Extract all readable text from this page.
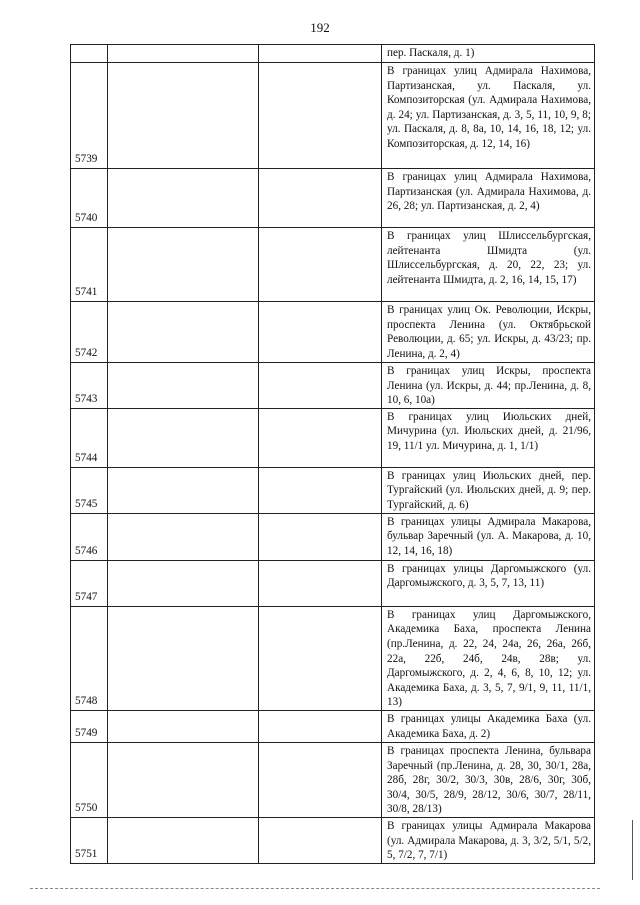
192

			пер. Паскаля, д. 1)

5739			В границах улиц Адмирала Нахимова, Партизанская, ул. Паскаля, ул. Композиторская (ул. Адмирала Нахимова, д. 24; ул. Партизанская, д. 3, 5, 11, 10, 9, 8; ул. Паскаля, д. 8, 8а, 10, 14, 16, 18, 12; ул. Композиторская, д. 12, 14, 16)

5740			В границах улиц Адмирала Нахимова, Партизанская (ул. Адмирала Нахимова, д. 26, 28; ул. Партизанская, д. 2, 4)

5741			В границах улиц Шлиссельбургская, лейтенанта Шмидта (ул. Шлиссельбургская, д. 20, 22, 23; ул. лейтенанта Шмидта, д. 2, 16, 14, 15, 17)

5742			В границах улиц Ок. Революции, Искры, проспекта Ленина (ул. Октябрьской Революции, д. 65; ул. Искры, д. 43/23; пр. Ленина, д. 2, 4)

5743			В границах улиц Искры, проспекта Ленина (ул. Искры, д. 44; пр.Ленина, д. 8, 10, 6, 10а)

5744			В границах улиц Июльских дней, Мичурина (ул. Июльских дней, д. 21/96, 19, 11/1 ул. Мичурина, д. 1, 1/1)

5745			В границах улиц Июльских дней, пер. Тургайский (ул. Июльских дней, д. 9; пер. Тургайский, д. 6)

5746			В границах улицы Адмирала Макарова, бульвар Заречный (ул. А. Макарова, д. 10, 12, 14, 16, 18)

5747			В границах улицы Даргомыжского (ул. Даргомыжского, д. 3, 5, 7, 13, 11)

5748			В границах улиц Даргомыжского, Академика Баха, проспекта Ленина (пр.Ленина, д. 22, 24, 24а, 26, 26а, 26б, 22а, 22б, 24б, 24в, 28в; ул. Даргомыжского, д. 2, 4, 6, 8, 10, 12; ул. Академика Баха, д. 3, 5, 7, 9/1, 9, 11, 11/1, 13)

5749			В границах улицы Академика Баха (ул. Академика Баха, д. 2)

5750			В границах проспекта Ленина, бульвара Заречный (пр.Ленина, д. 28, 30, 30/1, 28а, 28б, 28г, 30/2, 30/3, 30в, 28/6, 30г, 30б, 30/4, 30/5, 28/9, 28/12, 30/6, 30/7, 28/11, 30/8, 28/13)

5751			В границах улицы Адмирала Макарова (ул. Адмирала Макарова, д. 3, 3/2, 5/1, 5/2, 5, 7/2, 7, 7/1)
